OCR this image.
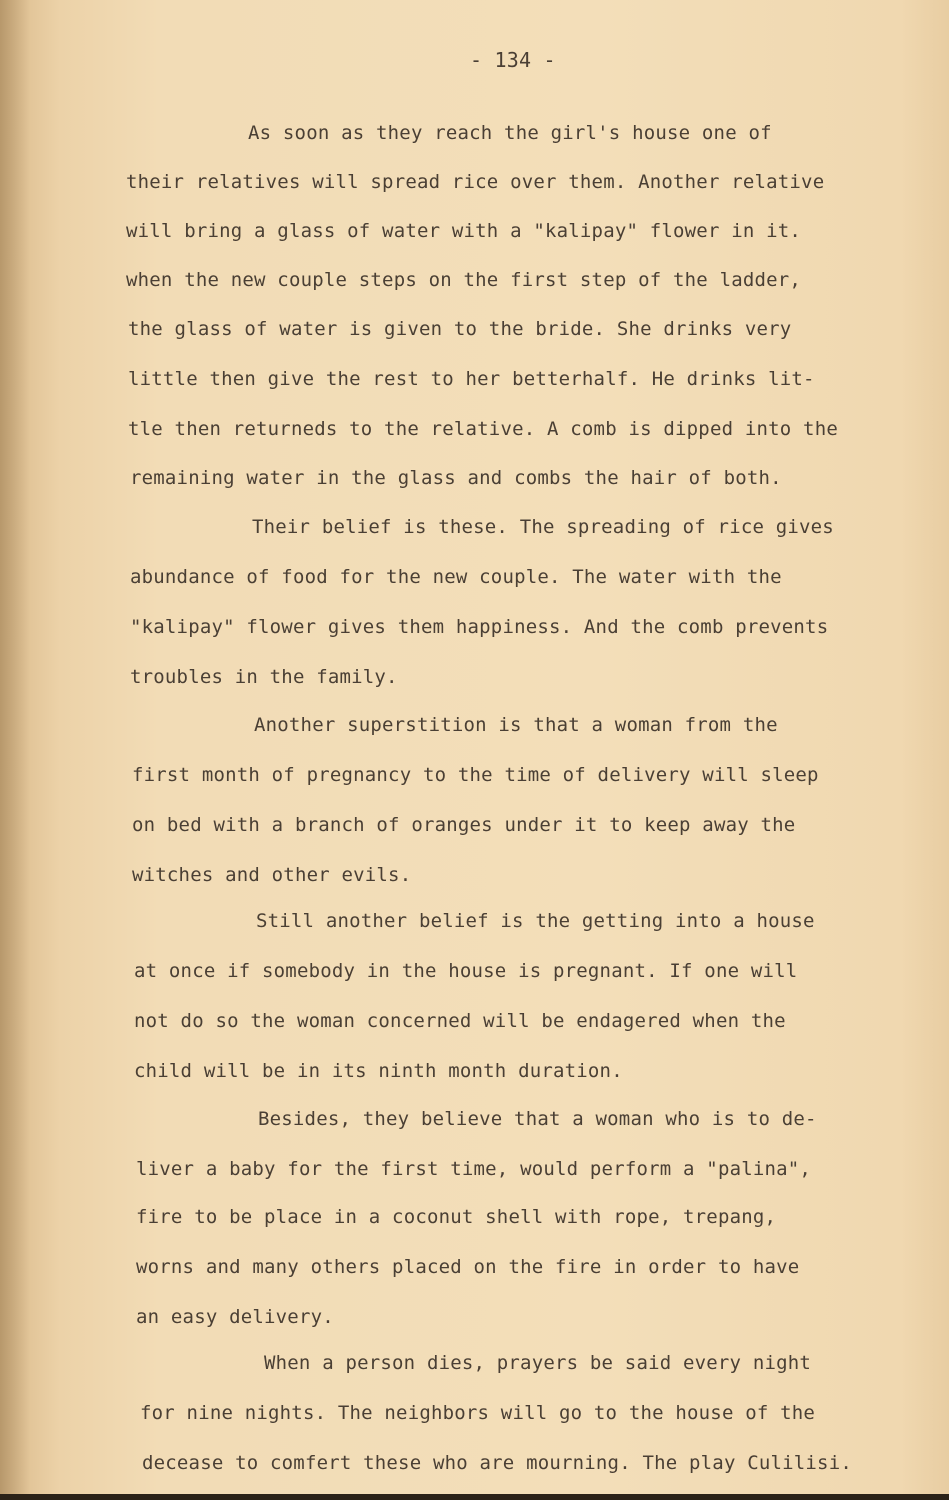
- 134 -
As soon as they reach the girl's house one of
their relatives will spread rice over them. Another relative
will bring a glass of water with a "kalipay" flower in it.
when the new couple steps on the first step of the ladder,
the glass of water is given to the bride. She drinks very
little then give the rest to her betterhalf. He drinks lit-
tle then returneds to the relative. A comb is dipped into the
remaining water in the glass and combs the hair of both.
Their belief is these. The spreading of rice gives
abundance of food for the new couple. The water with the
"kalipay" flower gives them happiness. And the comb prevents
troubles in the family.
Another superstition is that a woman from the
first month of pregnancy to the time of delivery will sleep
on bed with a branch of oranges under it to keep away the
witches and other evils.
Still another belief is the getting into a house
at once if somebody in the house is pregnant. If one will
not do so the woman concerned will be endagered when the
child will be in its ninth month duration.
Besides, they believe that a woman who is to de-
liver a baby for the first time, would perform a "palina",
fire to be place in a coconut shell with rope, trepang,
worns and many others placed on the fire in order to have
an easy delivery.
When a person dies, prayers be said every night
for nine nights. The neighbors will go to the house of the
decease to comfert these who are mourning. The play Culilisi.
